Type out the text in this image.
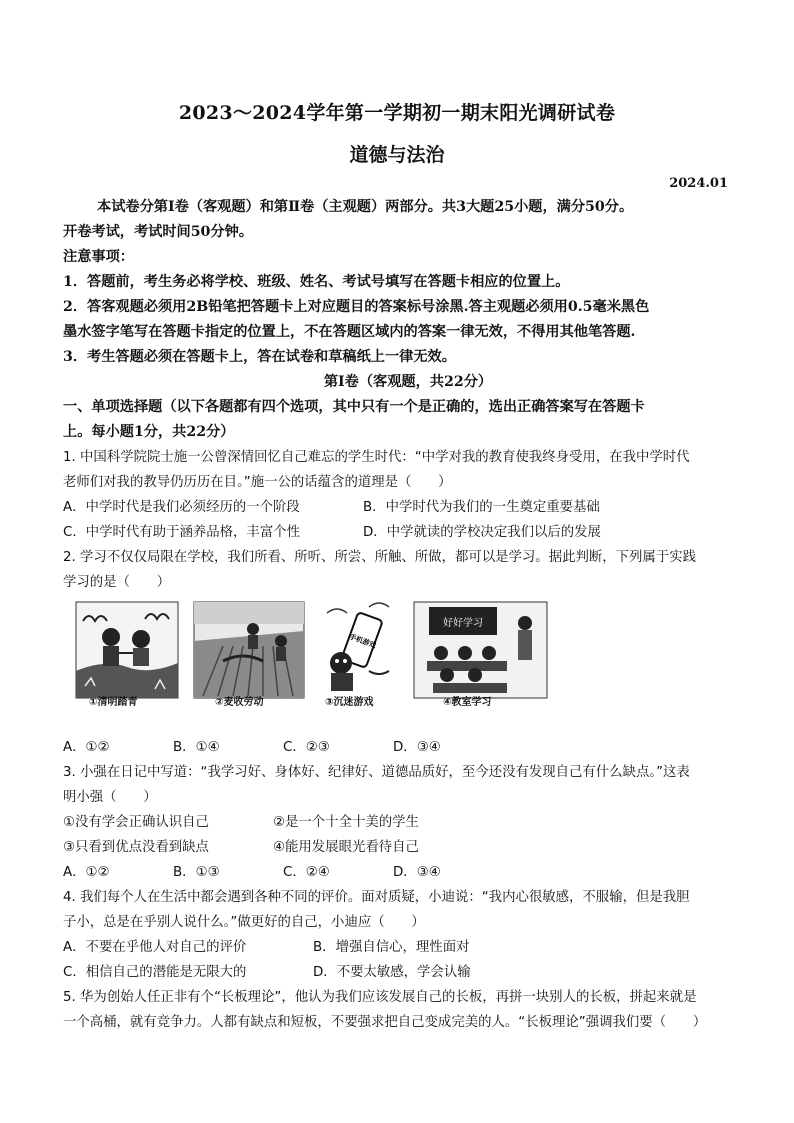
2023～2024学年第一学期初一期末阳光调研试卷
道德与法治
2024.01
本试卷分第Ⅰ卷（客观题）和第Ⅱ卷（主观题）两部分。共3大题25小题，满分50分。
开卷考试，考试时间50分钟。
注意事项：
1．答题前，考生务必将学校、班级、姓名、考试号填写在答题卡相应的位置上。
2．答客观题必须用2B铅笔把答题卡上对应题目的答案标号涂黑.答主观题必须用0.5毫米黑色
墨水签字笔写在答题卡指定的位置上，不在答题区域内的答案一律无效，不得用其他笔答题.
3．考生答题必须在答题卡上，答在试卷和草稿纸上一律无效。
第Ⅰ卷（客观题，共22分）
一、单项选择题（以下各题都有四个选项，其中只有一个是正确的，选出正确答案写在答题卡
上。每小题1分，共22分）
1. 中国科学院院士施一公曾深情回忆自己难忘的学生时代：“中学对我的教育使我终身受用，在我中学时代
老师们对我的教导仍历历在目。”施一公的话蕴含的道理是（　　）
A．中学时代是我们必须经历的一个阶段	B．中学时代为我们的一生奠定重要基础
C．中学时代有助于涵养品格，丰富个性	D．中学就读的学校决定我们以后的发展
2. 学习不仅仅局限在学校，我们所看、所听、所尝、所触、所做，都可以是学习。据此判断，下列属于实践
学习的是（　　）
①清明踏青	②麦收劳动
手机游戏
③沉迷游戏
好好学习
④教室学习
A．①②	B．①④	C．②③	D．③④
3. 小强在日记中写道：“我学习好、身体好、纪律好、道德品质好，至今还没有发现自己有什么缺点。”这表
明小强（　　）
①没有学会正确认识自己	②是一个十全十美的学生
③只看到优点没看到缺点	④能用发展眼光看待自己
A．①②	B．①③	C．②④	D．③④
4. 我们每个人在生活中都会遇到各种不同的评价。面对质疑，小迪说：“我内心很敏感，不服输，但是我胆
子小，总是在乎别人说什么。”做更好的自己，小迪应（　　）
A．不要在乎他人对自己的评价	B．增强自信心，理性面对
C．相信自己的潜能是无限大的	D．不要太敏感，学会认输
5. 华为创始人任正非有个“长板理论”，他认为我们应该发展自己的长板，再拼一块别人的长板，拼起来就是
一个高桶，就有竞争力。人都有缺点和短板，不要强求把自己变成完美的人。“长板理论”强调我们要（　　）
